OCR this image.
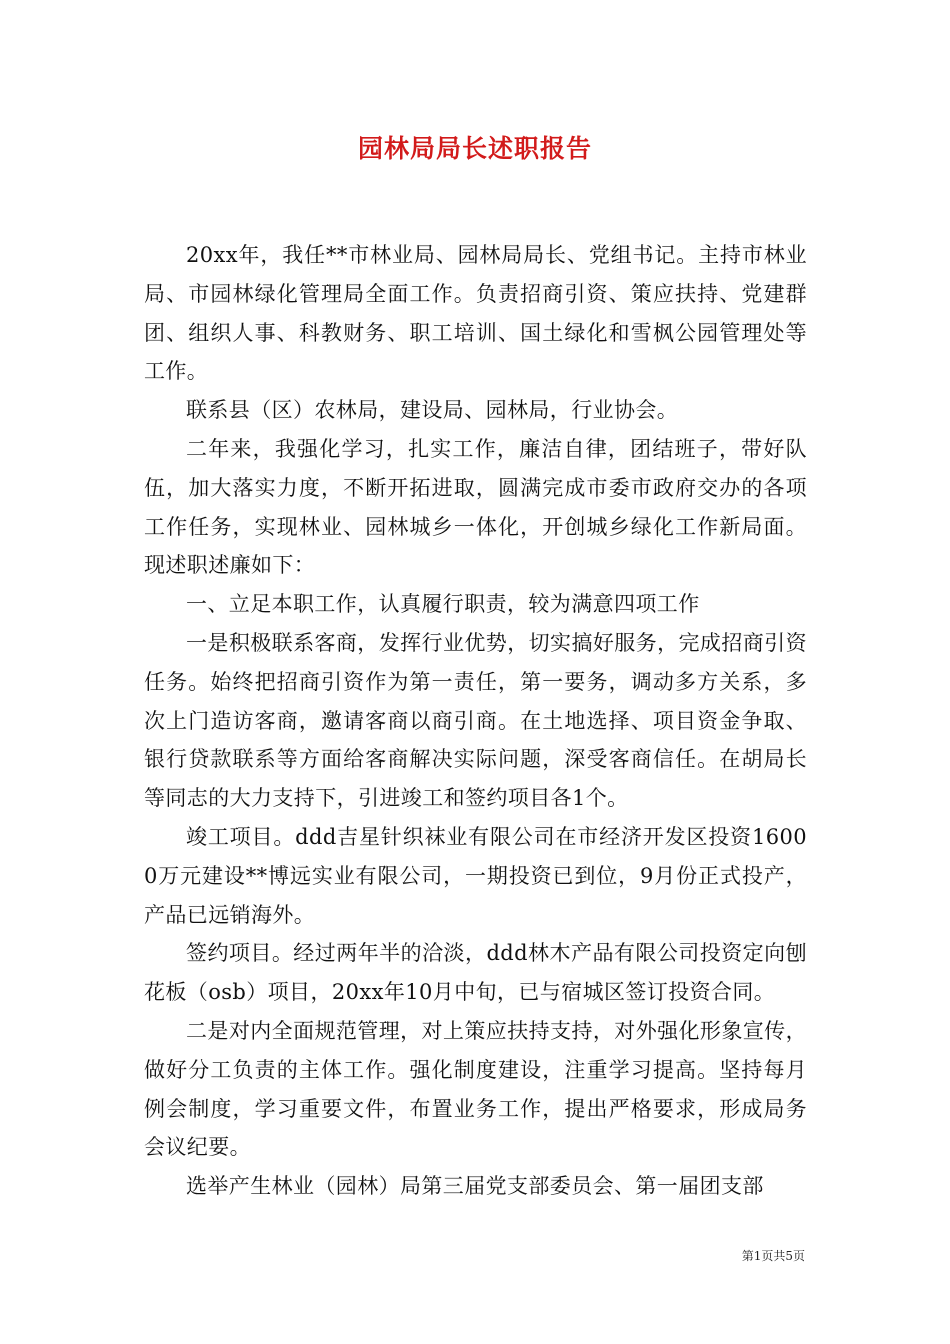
园林局局长述职报告

20xx年，我任**市林业局、园林局局长、党组书记。主持市林业局、市园林绿化管理局全面工作。负责招商引资、策应扶持、党建群团、组织人事、科教财务、职工培训、国土绿化和雪枫公园管理处等工作。

联系县（区）农林局，建设局、园林局，行业协会。

二年来，我强化学习，扎实工作，廉洁自律，团结班子，带好队伍，加大落实力度，不断开拓进取，圆满完成市委市政府交办的各项工作任务，实现林业、园林城乡一体化，开创城乡绿化工作新局面。现述职述廉如下：

一、立足本职工作，认真履行职责，较为满意四项工作

一是积极联系客商，发挥行业优势，切实搞好服务，完成招商引资任务。始终把招商引资作为第一责任，第一要务，调动多方关系，多次上门造访客商，邀请客商以商引商。在土地选择、项目资金争取、银行贷款联系等方面给客商解决实际问题，深受客商信任。在胡局长等同志的大力支持下，引进竣工和签约项目各1个。

竣工项目。ddd吉星针织袜业有限公司在市经济开发区投资16000万元建设**博远实业有限公司，一期投资已到位，9月份正式投产，产品已远销海外。

签约项目。经过两年半的洽淡，ddd林木产品有限公司投资定向刨花板（osb）项目，20xx年10月中旬，已与宿城区签订投资合同。

二是对内全面规范管理，对上策应扶持支持，对外强化形象宣传，做好分工负责的主体工作。强化制度建设，注重学习提高。坚持每月例会制度，学习重要文件，布置业务工作，提出严格要求，形成局务会议纪要。

选举产生林业（园林）局第三届党支部委员会、第一届团支部

第1页共5页
